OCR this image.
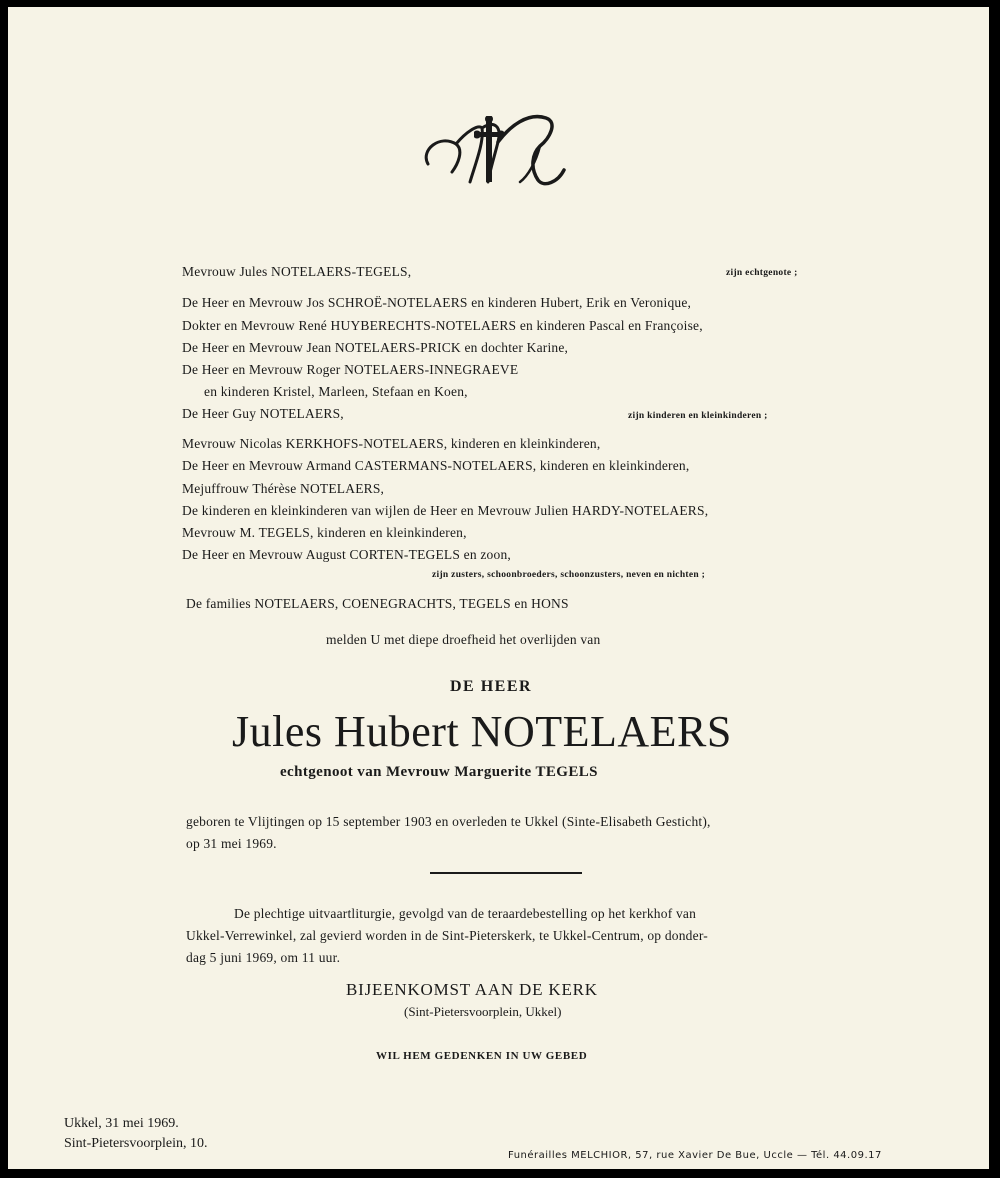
Mevrouw Jules NOTELAERS-TEGELS,	zijn echtgenote ;
De Heer en Mevrouw Jos SCHROË-NOTELAERS en kinderen Hubert, Erik en Veronique,
Dokter en Mevrouw René HUYBERECHTS-NOTELAERS en kinderen Pascal en Françoise,
De Heer en Mevrouw Jean NOTELAERS-PRICK en dochter Karine,
De Heer en Mevrouw Roger NOTELAERS-INNEGRAEVE
en kinderen Kristel, Marleen, Stefaan en Koen,
De Heer Guy NOTELAERS,	zijn kinderen en kleinkinderen ;
Mevrouw Nicolas KERKHOFS-NOTELAERS, kinderen en kleinkinderen,
De Heer en Mevrouw Armand CASTERMANS-NOTELAERS, kinderen en kleinkinderen,
Mejuffrouw Thérèse NOTELAERS,
De kinderen en kleinkinderen van wijlen de Heer en Mevrouw Julien HARDY-NOTELAERS,
Mevrouw M. TEGELS, kinderen en kleinkinderen,
De Heer en Mevrouw August CORTEN-TEGELS en zoon,
zijn zusters, schoonbroeders, schoonzusters, neven en nichten ;
De families NOTELAERS, COENEGRACHTS, TEGELS en HONS
melden U met diepe droefheid het overlijden van
DE HEER
Jules Hubert NOTELAERS
echtgenoot van Mevrouw Marguerite TEGELS
geboren te Vlijtingen op 15 september 1903 en overleden te Ukkel (Sinte-Elisabeth Gesticht),
op 31 mei 1969.
De plechtige uitvaartliturgie, gevolgd van de teraardebestelling op het kerkhof van
Ukkel-Verrewinkel, zal gevierd worden in de Sint-Pieterskerk, te Ukkel-Centrum, op donder-
dag 5 juni 1969, om 11 uur.
BIJEENKOMST AAN DE KERK
(Sint-Pietersvoorplein, Ukkel)
WIL HEM GEDENKEN IN UW GEBED
Ukkel, 31 mei 1969.
Sint-Pietersvoorplein, 10.
Funérailles MELCHIOR, 57, rue Xavier De Bue, Uccle — Tél. 44.09.17
